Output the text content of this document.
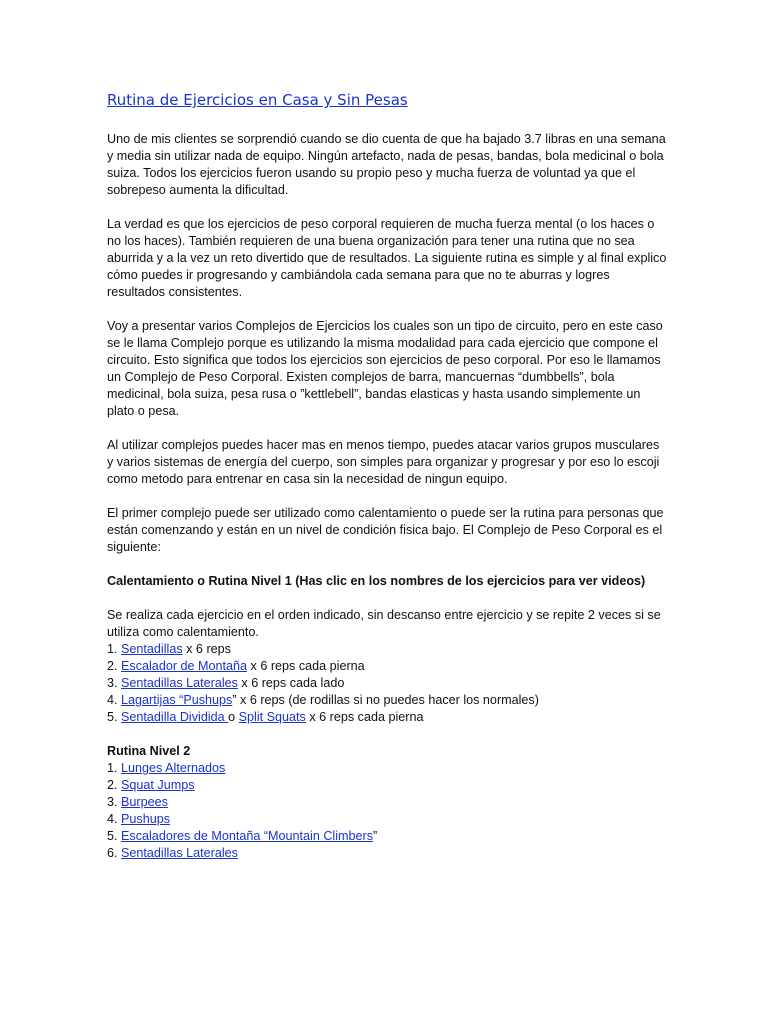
Rutina de Ejercicios en Casa y Sin Pesas

Uno de mis clientes se sorprendió cuando se dio cuenta de que ha bajado 3.7 libras en una semana y media sin utilizar nada de equipo. Ningún artefacto, nada de pesas, bandas, bola medicinal o bola suiza. Todos los ejercicios fueron usando su propio peso y mucha fuerza de voluntad ya que el sobrepeso aumenta la dificultad.

La verdad es que los ejercicios de peso corporal requieren de mucha fuerza mental (o los haces o no los haces). También requieren de una buena organización para tener una rutina que no sea aburrida y a la vez un reto divertido que de resultados. La siguiente rutina es simple y al final explico cómo puedes ir progresando y cambiándola cada semana para que no te aburras y logres resultados consistentes.

Voy a presentar varios Complejos de Ejercicios los cuales son un tipo de circuito, pero en este caso se le llama Complejo porque es utilizando la misma modalidad para cada ejercicio que compone el circuito. Esto significa que todos los ejercicios son ejercicios de peso corporal. Por eso le llamamos un Complejo de Peso Corporal. Existen complejos de barra, mancuernas “dumbbells”, bola medicinal, bola suiza, pesa rusa o ”kettlebell”, bandas elasticas y hasta usando simplemente un plato o pesa.

Al utilizar complejos puedes hacer mas en menos tiempo, puedes atacar varios grupos musculares y varios sistemas de energía del cuerpo, son simples para organizar y progresar y por eso lo escoji como metodo para entrenar en casa sin la necesidad de ningun equipo.

El primer complejo puede ser utilizado como calentamiento o puede ser la rutina para personas que están comenzando y están en un nivel de condición fisica bajo. El Complejo de Peso Corporal es el siguiente:

Calentamiento o Rutina Nivel 1 (Has clic en los nombres de los ejercicios para ver videos)

Se realiza cada ejercicio en el orden indicado, sin descanso entre ejercicio y se repite 2 veces si se utiliza como calentamiento.

1. Sentadillas x 6 reps
2. Escalador de Montaña x 6 reps cada pierna
3. Sentadillas Laterales x 6 reps cada lado
4. Lagartijas “Pushups” x 6 reps (de rodillas si no puedes hacer los normales)
5. Sentadilla Dividida o Split Squats x 6 reps cada pierna

Rutina Nivel 2

1. Lunges Alternados
2. Squat Jumps
3. Burpees
4. Pushups
5. Escaladores de Montaña “Mountain Climbers”
6. Sentadillas Laterales
